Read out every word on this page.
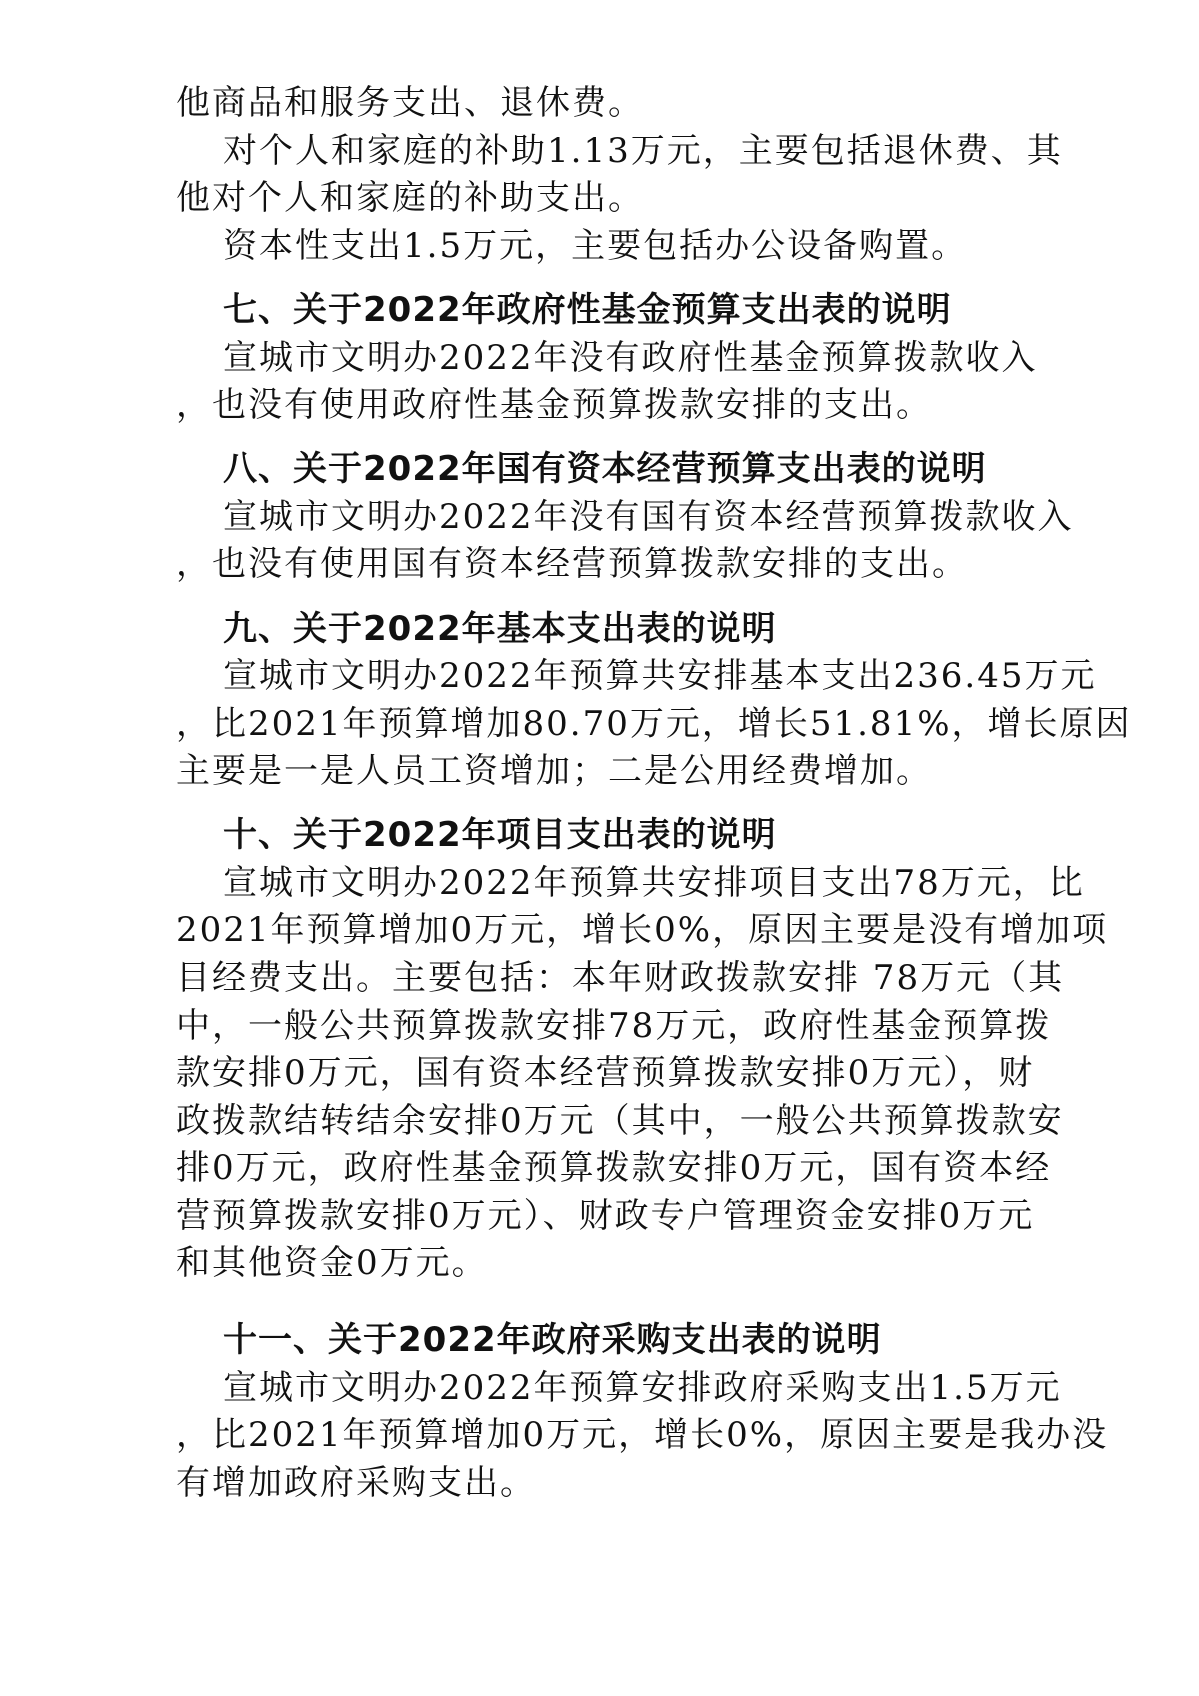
他商品和服务支出、退休费。
对个人和家庭的补助1.13万元，主要包括退休费、其
他对个人和家庭的补助支出。
资本性支出1.5万元，主要包括办公设备购置。
七、关于2022年政府性基金预算支出表的说明
宣城市文明办2022年没有政府性基金预算拨款收入
，也没有使用政府性基金预算拨款安排的支出。
八、关于2022年国有资本经营预算支出表的说明
宣城市文明办2022年没有国有资本经营预算拨款收入
，也没有使用国有资本经营预算拨款安排的支出。
九、关于2022年基本支出表的说明
宣城市文明办2022年预算共安排基本支出236.45万元
，比2021年预算增加80.70万元，增长51.81%，增长原因
主要是一是人员工资增加；二是公用经费增加。
十、关于2022年项目支出表的说明
宣城市文明办2022年预算共安排项目支出78万元，比
2021年预算增加0万元，增长0%，原因主要是没有增加项
目经费支出。主要包括：本年财政拨款安排 78万元（其
中，一般公共预算拨款安排78万元，政府性基金预算拨
款安排0万元，国有资本经营预算拨款安排0万元），财
政拨款结转结余安排0万元（其中，一般公共预算拨款安
排0万元，政府性基金预算拨款安排0万元，国有资本经
营预算拨款安排0万元）、财政专户管理资金安排0万元
和其他资金0万元。
十一、关于2022年政府采购支出表的说明
宣城市文明办2022年预算安排政府采购支出1.5万元
，比2021年预算增加0万元，增长0%，原因主要是我办没
有增加政府采购支出。
